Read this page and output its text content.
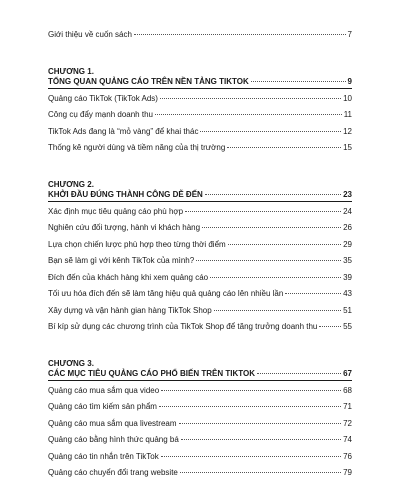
Giới thiệu về cuốn sách	7
CHƯƠNG 1.
TỔNG QUAN QUẢNG CÁO TRÊN NỀN TẢNG TIKTOK	9
Quảng cáo TikTok (TikTok Ads)	10
Công cụ đẩy mạnh doanh thu	11
TikTok Ads đang là “mỏ vàng” để khai thác	12
Thống kê người dùng và tiềm năng của thị trường	15
CHƯƠNG 2.
KHỞI ĐẦU ĐÚNG THÀNH CÔNG DỄ ĐẾN	23
Xác định mục tiêu quảng cáo phù hợp	24
Nghiên cứu đối tượng, hành vi khách hàng	26
Lựa chọn chiến lược phù hợp theo từng thời điểm	29
Bạn sẽ làm gì với kênh TikTok của mình?	35
Đích đến của khách hàng khi xem quảng cáo	39
Tối ưu hóa đích đến sẽ làm tăng hiệu quả quảng cáo lên nhiều lần	43
Xây dựng và vận hành gian hàng TikTok Shop	51
Bí kíp sử dụng các chương trình của TikTok Shop để tăng trưởng doanh thu	55
CHƯƠNG 3.
CÁC MỤC TIÊU QUẢNG CÁO PHỔ BIẾN TRÊN TIKTOK	67
Quảng cáo mua sắm qua video	68
Quảng cáo tìm kiếm sản phẩm	71
Quảng cáo mua sắm qua livestream	72
Quảng cáo bằng hình thức quảng bá	74
Quảng cáo tin nhắn trên TikTok	76
Quảng cáo chuyển đổi trang website	79
